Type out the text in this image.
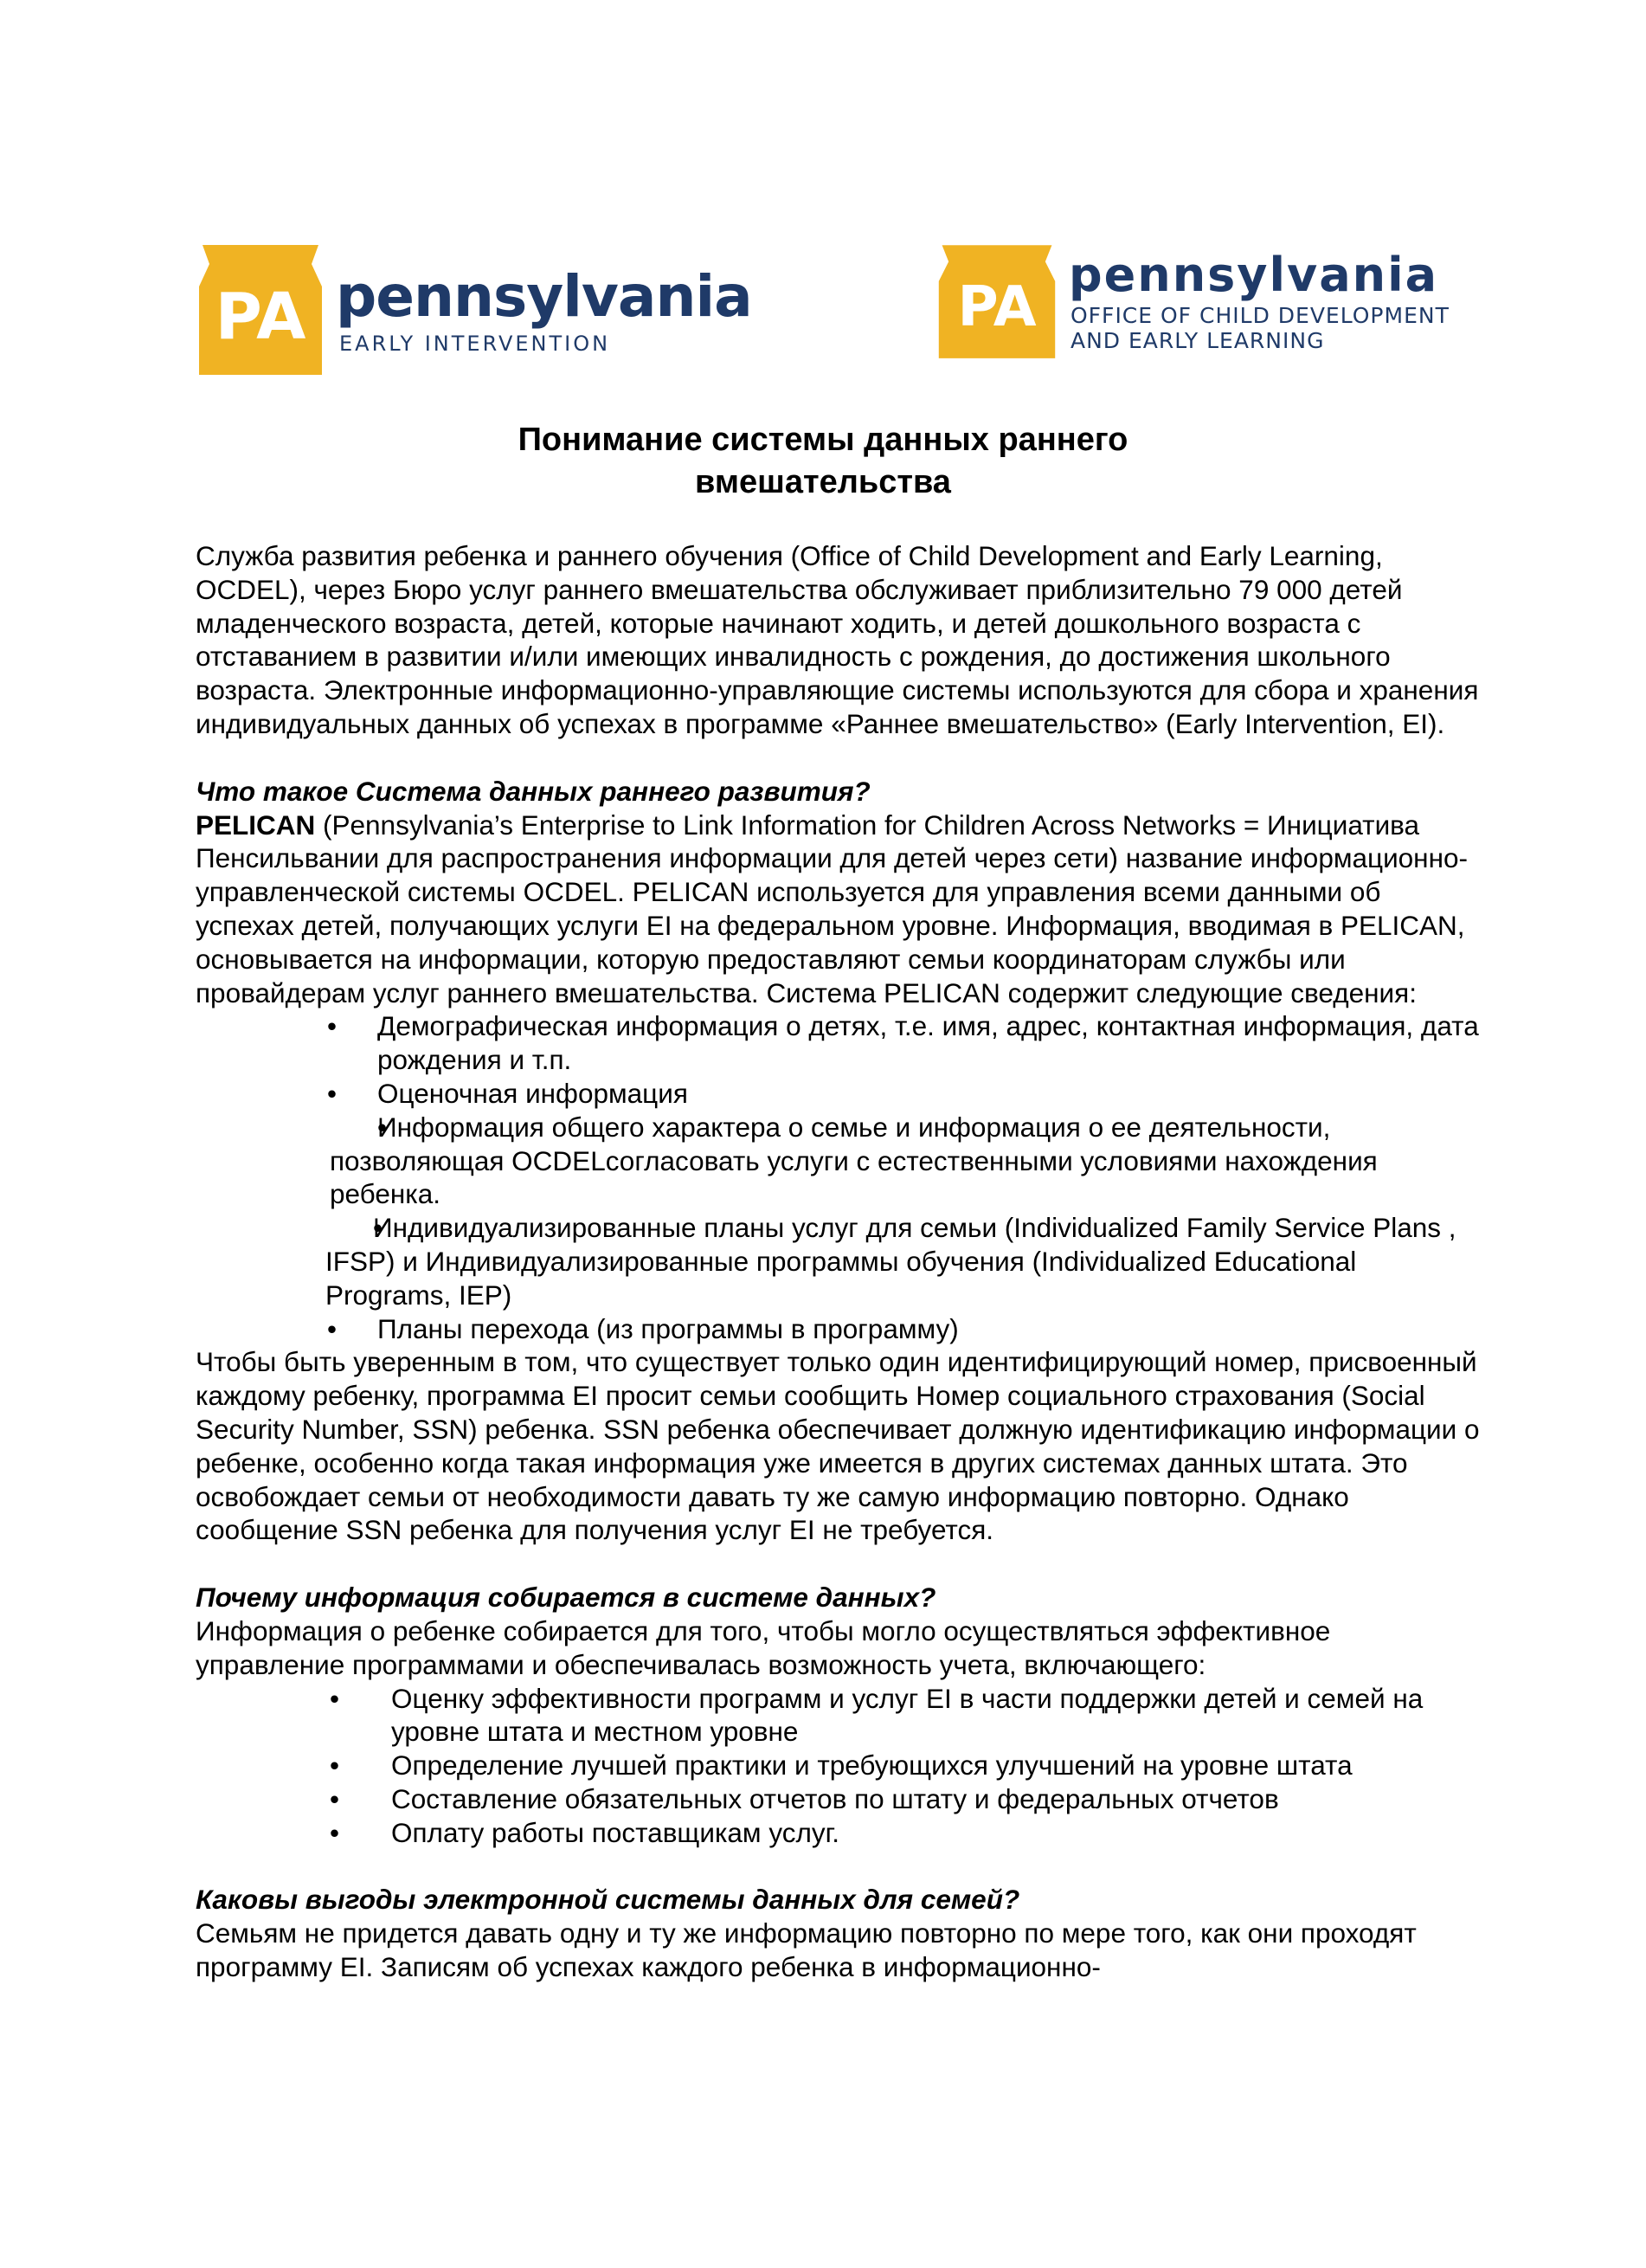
PA pennsylvania
EARLY INTERVENTION
PA pennsylvania
OFFICE OF CHILD DEVELOPMENT
AND EARLY LEARNING
Понимание системы данных раннего
вмешательства

Служба развития ребенка и раннего обучения (Office of Child Development and Early Learning, OCDEL), через Бюро услуг раннего вмешательства обслуживает приблизительно 79 000 детей младенческого возраста, детей, которые начинают ходить, и детей дошкольного возраста с отставанием в развитии и/или имеющих инвалидность с рождения, до достижения школьного возраста. Электронные информационно-управляющие системы используются для сбора и хранения индивидуальных данных об успехах в программе «Раннее вмешательство» (Early Intervention, EI).

Что такое Система данных раннего развития?

PELICAN (Pennsylvania’s Enterprise to Link Information for Children Across Networks = Инициатива Пенсильвании для распространения информации для детей через сети) название информационно-управленческой системы OCDEL. PELICAN используется для управления всеми данными об успехах детей, получающих услуги EI на федеральном уровне. Информация, вводимая в PELICAN, основывается на информации, которую предоставляют семьи координаторам службы или провайдерам услуг раннего вмешательства. Система PELICAN содержит следующие сведения:

• Демографическая информация о детях, т.е. имя, адрес, контактная информация, дата рождения и т.п.
• Оценочная информация
• Информация общего характера о семье и информация о ее деятельности, позволяющая OCDELсогласовать услуги с естественными условиями нахождения ребенка.
• Индивидуализированные планы услуг для семьи (Individualized Family Service Plans , IFSP) и Индивидуализированные программы обучения (Individualized Educational Programs, IEP)
• Планы перехода (из программы в программу)

Чтобы быть уверенным в том, что существует только один идентифицирующий номер, присвоенный каждому ребенку, программа EI просит семьи сообщить Номер социального страхования (Social Security Number, SSN) ребенка. SSN ребенка обеспечивает должную идентификацию информации о ребенке, особенно когда такая информация уже имеется в других системах данных штата. Это освобождает семьи от необходимости давать ту же самую информацию повторно. Однако сообщение SSN ребенка для получения услуг EI не требуется.

Почему информация собирается в системе данных?

Информация о ребенке собирается для того, чтобы могло осуществляться эффективное управление программами и обеспечивалась возможность учета, включающего:

• Оценку эффективности программ и услуг EI в части поддержки детей и семей на уровне штата и местном уровне
• Определение лучшей практики и требующихся улучшений на уровне штата
• Составление обязательных отчетов по штату и федеральных отчетов
• Оплату работы поставщикам услуг.

Каковы выгоды электронной системы данных для семей?

Семьям не придется давать одну и ту же информацию повторно по мере того, как они проходят программу EI. Записям об успехах каждого ребенка в информационно-
